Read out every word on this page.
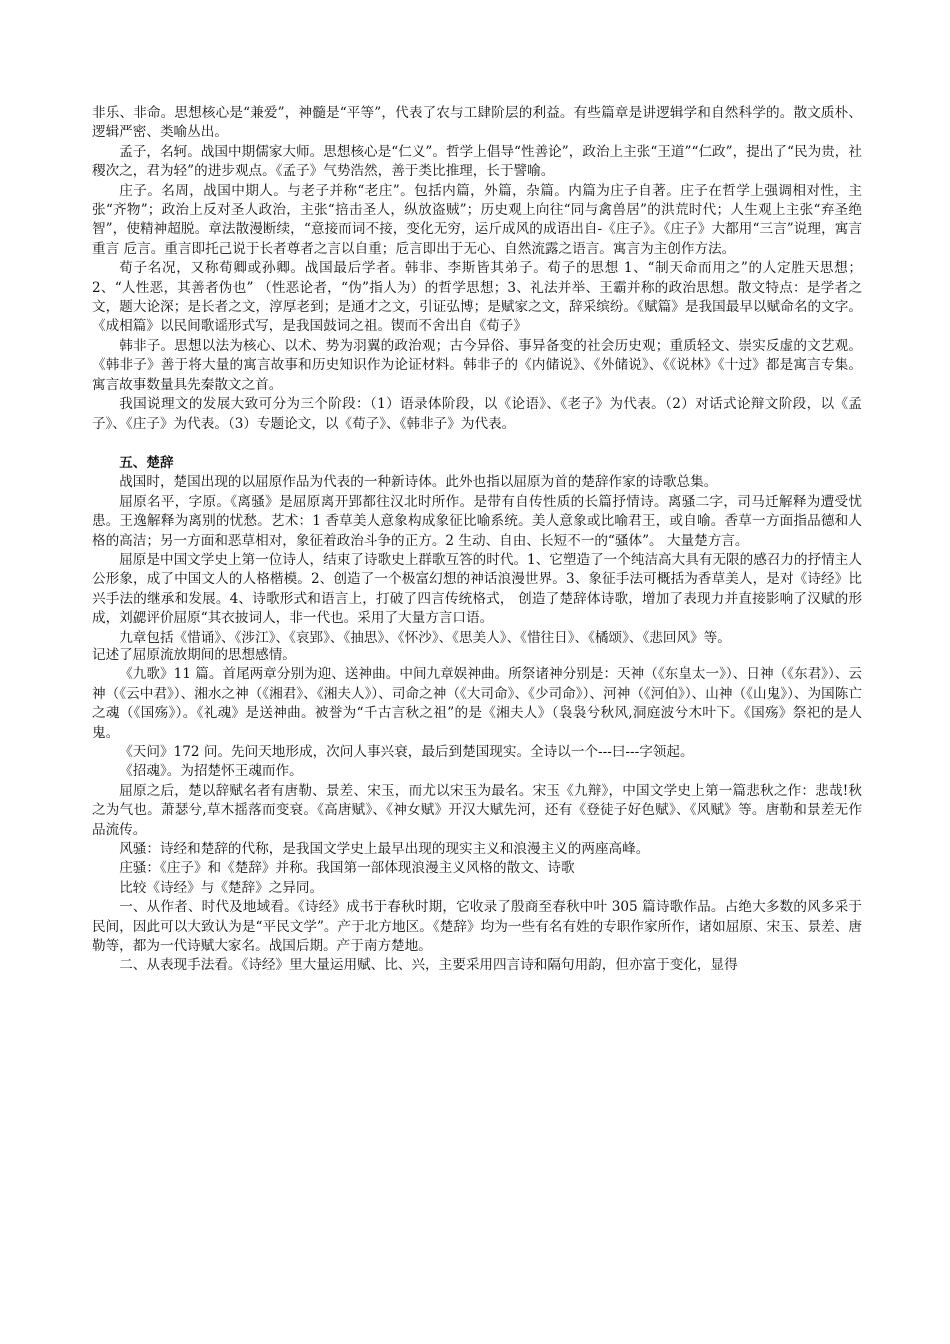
非乐、非命。思想核心是“兼爱”，神髓是“平等”，代表了农与工肆阶层的利益。有些篇章是讲逻辑学和自然科学的。散文质朴、逻辑严密、类喻丛出。

孟子，名轲。战国中期儒家大师。思想核心是“仁义”。哲学上倡导“性善论”，政治上主张“王道”“仁政”，提出了“民为贵，社稷次之，君为轻”的进步观点。《孟子》气势浩然，善于类比推理，长于譬喻。

庄子。名周，战国中期人。与老子并称“老庄”。包括内篇，外篇，杂篇。内篇为庄子自著。庄子在哲学上强调相对性，主张“齐物”；政治上反对圣人政治，主张“掊击圣人，纵放盗贼”；历史观上向往“同与禽兽居”的洪荒时代；人生观上主张“弃圣绝智”，使精神超脱。章法散漫断续，“意接而词不接，变化无穷，运斤成风的成语出自-《庄子》。《庄子》大都用“三言”说理，寓言 重言 卮言。重言即托己说于长者尊者之言以自重；卮言即出于无心、自然流露之语言。寓言为主创作方法。

荀子名况，又称荀卿或孙卿。战国最后学者。韩非、李斯皆其弟子。荀子的思想 1、“制天命而用之”的人定胜天思想；2、“人性恶，其善者伪也” （性恶论者，“伪”指人为）的哲学思想；3、礼法并举、王霸并称的政治思想。散文特点：是学者之文，题大论深；是长者之文，淳厚老到；是通才之文，引证弘博；是赋家之文，辞采缤纷。《赋篇》是我国最早以赋命名的文字。《成相篇》以民间歌谣形式写，是我国鼓词之祖。锲而不舍出自《荀子》

韩非子。思想以法为核心、以术、势为羽翼的政治观；古今异俗、事异备变的社会历史观；重质轻文、崇实反虚的文艺观。《韩非子》善于将大量的寓言故事和历史知识作为论证材料。韩非子的《内储说》、《外储说》、《《说林》《十过》都是寓言专集。寓言故事数量具先秦散文之首。

我国说理文的发展大致可分为三个阶段：（1）语录体阶段，以《论语》、《老子》为代表。（2）对话式论辩文阶段，以《孟子》、《庄子》为代表。（3）专题论文，以《荀子》、《韩非子》为代表。

五、楚辞

战国时，楚国出现的以屈原作品为代表的一种新诗体。此外也指以屈原为首的楚辞作家的诗歌总集。

屈原名平，字原。《离骚》是屈原离开郢都往汉北时所作。是带有自传性质的长篇抒情诗。离骚二字，司马迁解释为遭受忧患。王逸解释为离别的忧愁。艺术：1 香草美人意象构成象征比喻系统。美人意象或比喻君王，或自喻。香草一方面指品德和人格的高洁；另一方面和恶草相对，象征着政治斗争的正方。2 生动、自由、长短不一的“骚体”。 大量楚方言。

屈原是中国文学史上第一位诗人，结束了诗歌史上群歌互答的时代。1、它塑造了一个纯洁高大具有无限的感召力的抒情主人公形象，成了中国文人的人格楷模。2、创造了一个极富幻想的神话浪漫世界。3、象征手法可概括为香草美人，是对《诗经》比兴手法的继承和发展。4、诗歌形式和语言上，打破了四言传统格式， 创造了楚辞体诗歌，增加了表现力并直接影响了汉赋的形成，刘勰评价屈原“其衣披词人，非一代也。采用了大量方言口语。

九章包括《惜诵》、《涉江》、《哀郢》、《抽思》、《怀沙》、《思美人》、《惜往日》、《橘颂》、《悲回风》等。

记述了屈原流放期间的思想感情。

《九歌》11 篇。首尾两章分别为迎、送神曲。中间九章娱神曲。所祭诸神分别是：天神（《东皇太一》）、日神（《东君》）、云神（《云中君》）、湘水之神（《湘君》、《湘夫人》）、司命之神（《大司命》、《少司命》）、河神（《河伯》）、山神（《山鬼》）、为国陈亡之魂（《国殇》）。《礼魂》是送神曲。被誉为“千古言秋之祖”的是《湘夫人》（袅袅兮秋风,洞庭波兮木叶下。《国殇》祭祀的是人鬼。

《天问》172 问。先问天地形成，次问人事兴衰，最后到楚国现实。全诗以一个---曰---字领起。

《招魂》。为招楚怀王魂而作。

屈原之后，楚以辞赋名者有唐勒、景差、宋玉，而尤以宋玉为最名。宋玉《九辩》，中国文学史上第一篇悲秋之作：悲哉!秋之为气也。萧瑟兮,草木摇落而变衰。《高唐赋》、《神女赋》开汉大赋先河，还有《登徒子好色赋》、《风赋》等。唐勒和景差无作品流传。

风骚：诗经和楚辞的代称，是我国文学史上最早出现的现实主义和浪漫主义的两座高峰。

庄骚：《庄子》和《楚辞》并称。我国第一部体现浪漫主义风格的散文、诗歌

比较《诗经》与《楚辞》之异同。

一、从作者、时代及地域看。《诗经》成书于春秋时期，它收录了殷商至春秋中叶 305 篇诗歌作品。占绝大多数的风多采于民间，因此可以大致认为是“平民文学”。产于北方地区。《楚辞》均为一些有名有姓的专职作家所作，诸如屈原、宋玉、景差、唐勒等，都为一代诗赋大家名。战国后期。产于南方楚地。

二、从表现手法看。《诗经》里大量运用赋、比、兴，主要采用四言诗和隔句用韵，但亦富于变化，显得
